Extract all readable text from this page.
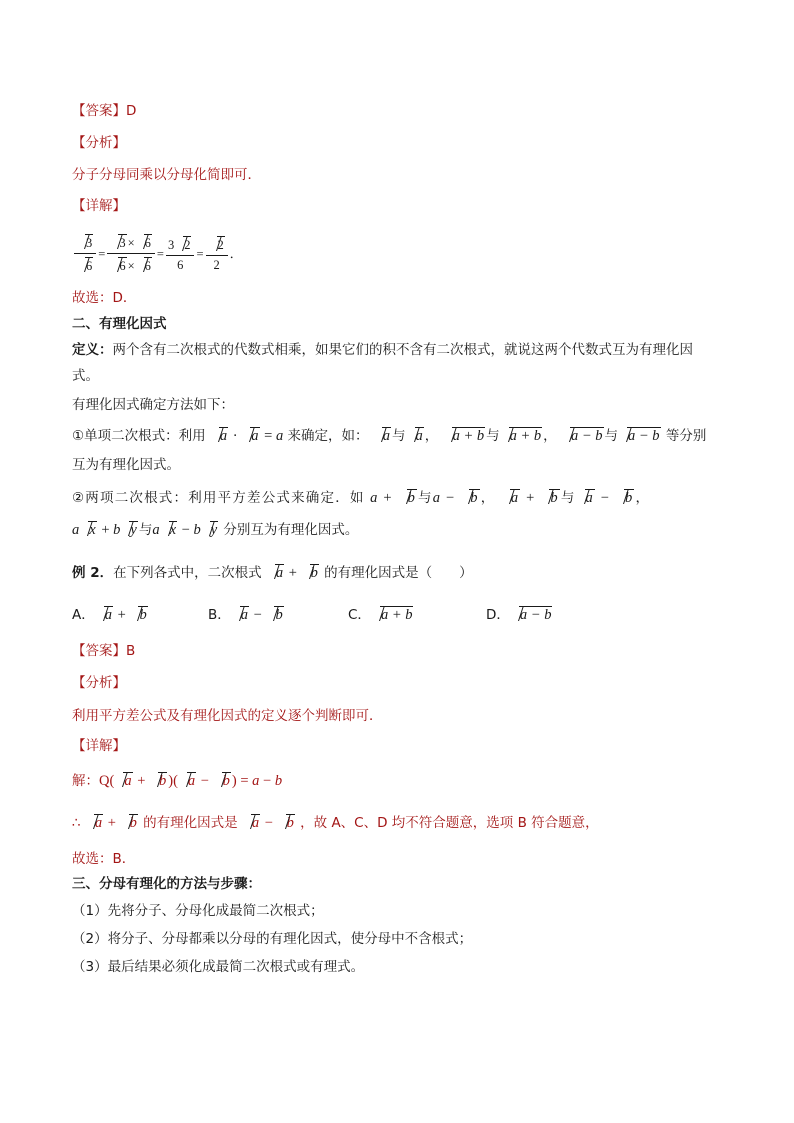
【答案】D
【分析】
分子分母同乘以分母化简即可．
【详解】
$\frac{3}{6} = \frac{3 \times 6}{6 \times 6} = \frac{3 2}{6} = \frac{2}{2}$ ．
故选：D．
二、有理化因式
定义：两个含有二次根式的代数式相乘，如果它们的积不含有二次根式，就说这两个代数式互为有理化因
式。
有理化因式确定方法如下：
①单项二次根式：利用 a · a = a 来确定，如： a 与 a ， a + b 与 a + b ， a − b 与 a − b 等分别
互为有理化因式。
②两项二次根式：利用平方差公式来确定．如 a + b 与a − b ， a + b 与 a − b ，
a x + b y 与a x − b y 分别互为有理化因式。
例 2．在下列各式中，二次根式 a + b 的有理化因式是（　　）
A． a + b	B． a − b	C． a + b	D． a − b
【答案】B
【分析】
利用平方差公式及有理化因式的定义逐个判断即可．
【详解】
解：Q( a + b )( a − b ) = a − b
∴ a + b 的有理化因式是 a − b ，故 A、C、D 均不符合题意，选项 B 符合题意，
故选：B．
三、分母有理化的方法与步骤：
（1）先将分子、分母化成最简二次根式；
（2）将分子、分母都乘以分母的有理化因式，使分母中不含根式；
（3）最后结果必须化成最简二次根式或有理式。
